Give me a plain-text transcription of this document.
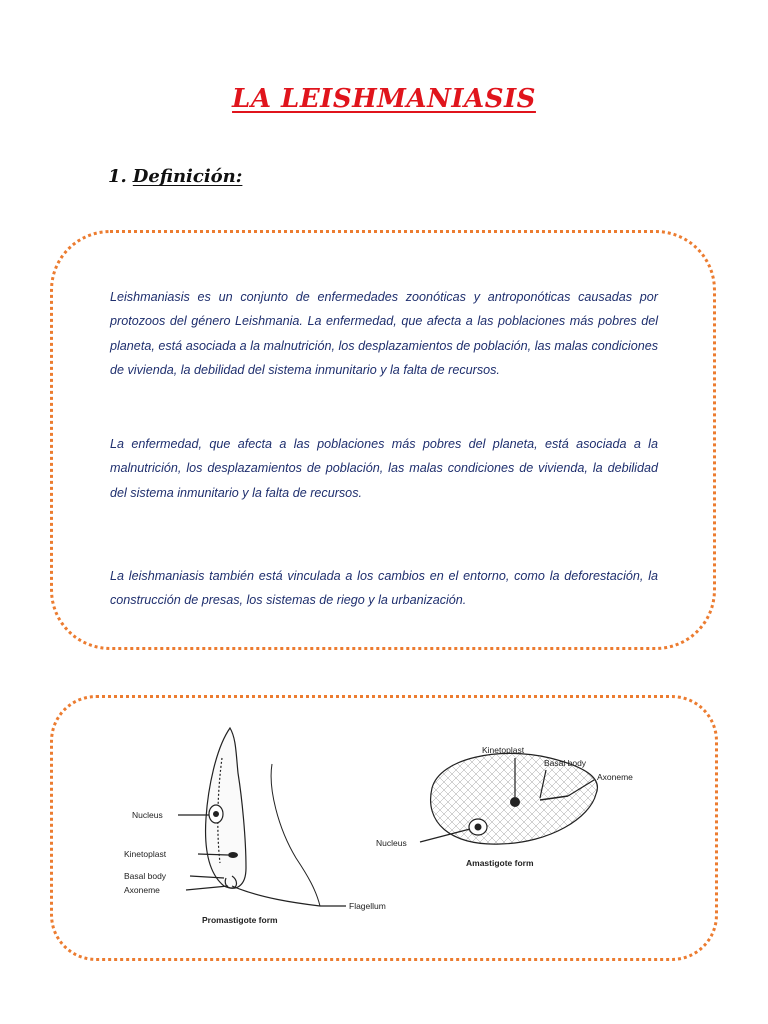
LA LEISHMANIASIS
1. Definición:

Leishmaniasis es un conjunto de enfermedades zoonóticas y antroponóticas causadas por protozoos del género Leishmania. La enfermedad, que afecta a las poblaciones más pobres del planeta, está asociada a la malnutrición, los desplazamientos de población, las malas condiciones de vivienda, la debilidad del sistema inmunitario y la falta de recursos.

La enfermedad, que afecta a las poblaciones más pobres del planeta, está asociada a la malnutrición, los desplazamientos de población, las malas condiciones de vivienda, la debilidad del sistema inmunitario y la falta de recursos.

La leishmaniasis también está vinculada a los cambios en el entorno, como la deforestación, la construcción de presas, los sistemas de riego y la urbanización.

Nucleus
Kinetoplast
Basal body
Axoneme
Flagellum
Promastigote form
Kinetoplast
Basal body
Axoneme
Nucleus
Amastigote form
